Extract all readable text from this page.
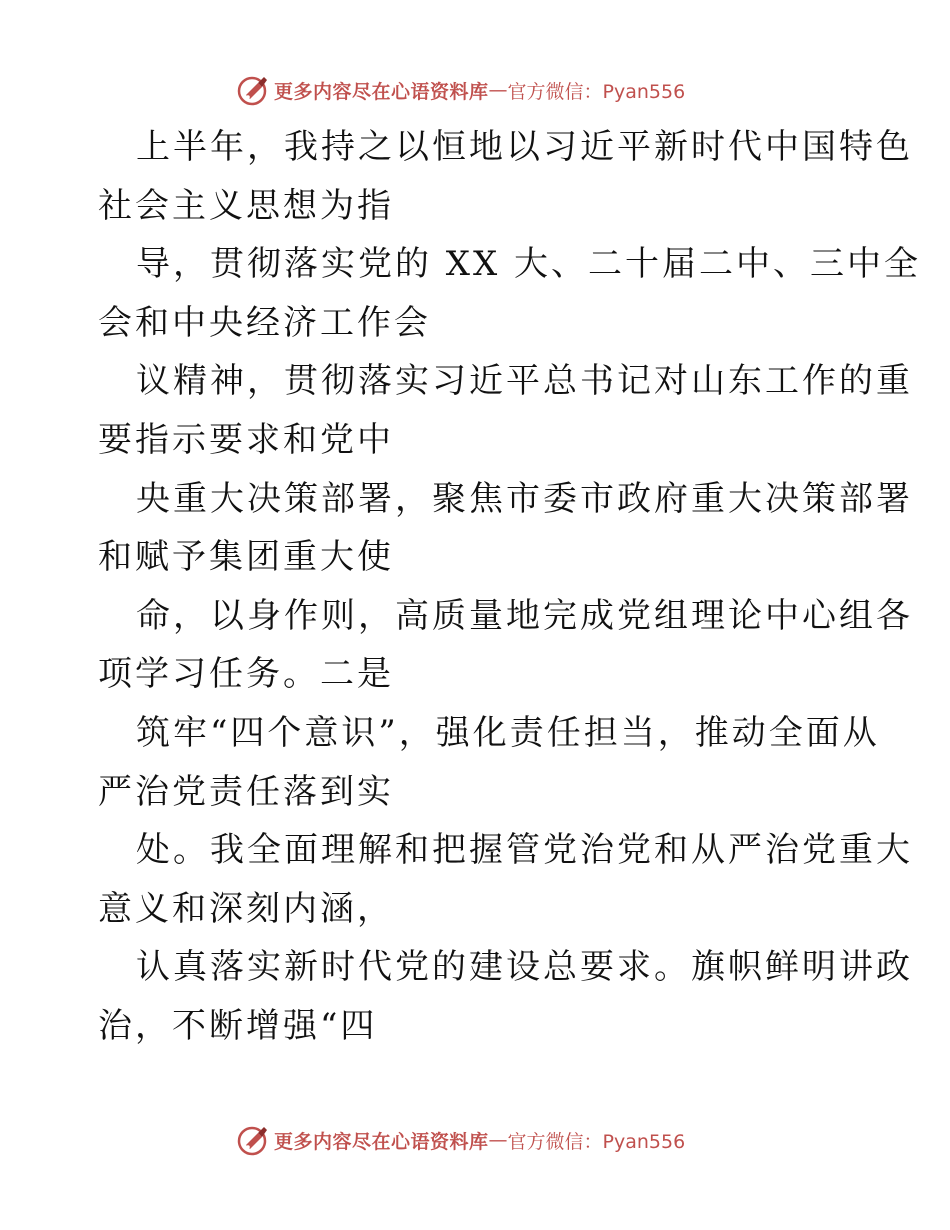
更多内容尽在心语资料库 — 官方微信：Pyan556
上半年，我持之以恒地以习近平新时代中国特色
社会主义思想为指
导，贯彻落实党的 XX 大、二十届二中、三中全
会和中央经济工作会
议精神，贯彻落实习近平总书记对山东工作的重
要指示要求和党中
央重大决策部署，聚焦市委市政府重大决策部署
和赋予集团重大使
命，以身作则，高质量地完成党组理论中心组各
项学习任务。二是
筑牢“四个意识”，强化责任担当，推动全面从
严治党责任落到实
处。我全面理解和把握管党治党和从严治党重大
意义和深刻内涵，
认真落实新时代党的建设总要求。旗帜鲜明讲政
治，不断增强“四
更多内容尽在心语资料库 — 官方微信：Pyan556
